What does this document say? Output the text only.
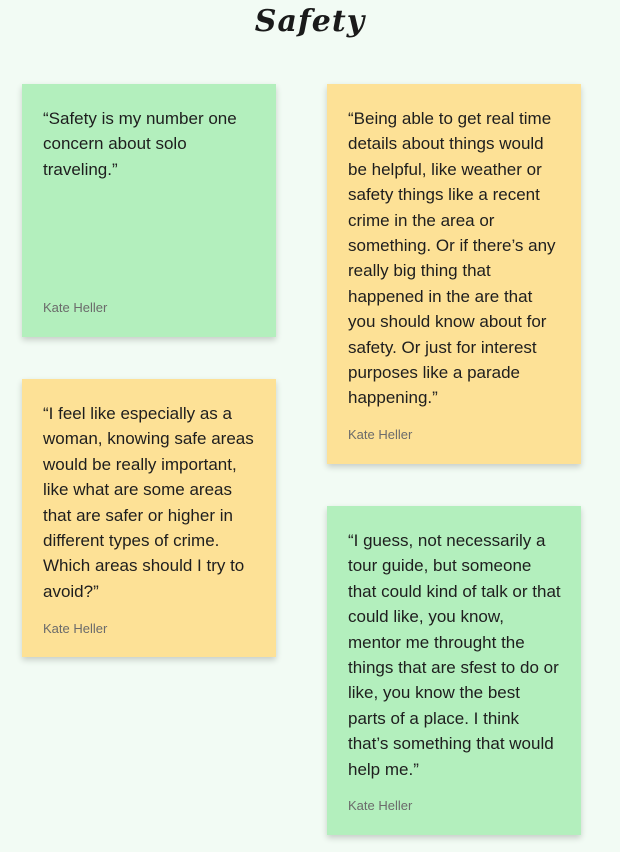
Safety

“Safety is my number one concern about solo traveling.”

Kate Heller

“Being able to get real time details about things would be helpful, like weather or safety things like a recent crime in the area or something. Or if there’s any really big thing that happened in the are that you should know about for safety. Or just for interest purposes like a parade happening.”

Kate Heller

“I feel like especially as a woman, knowing safe areas would be really important, like what are some areas that are safer or higher in different types of crime. Which areas should I try to avoid?”

Kate Heller

“I guess, not necessarily a tour guide, but someone that could kind of talk or that could like, you know, mentor me throught the things that are sfest to do or like, you know the best parts of a place. I think that’s something that would help me.”

Kate Heller
